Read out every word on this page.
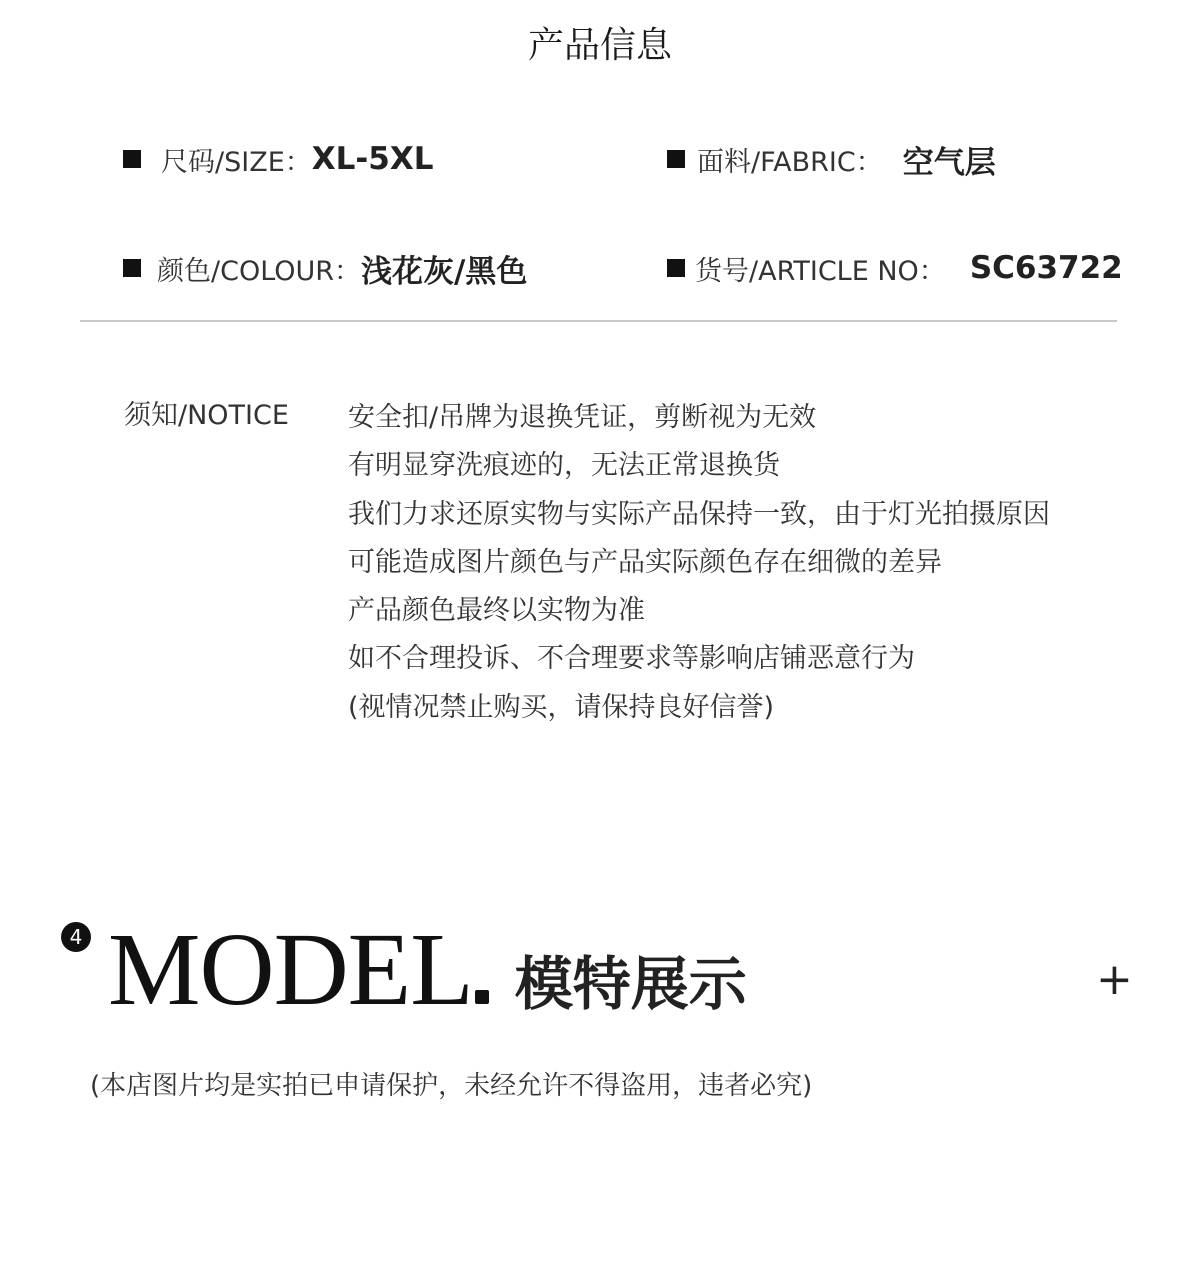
产品信息
尺码/SIZE： XL-5XL	面料/FABRIC： 空气层
颜色/COLOUR： 浅花灰/黑色	货号/ARTICLE NO： SC63722
须知/NOTICE 安全扣/吊牌为退换凭证，剪断视为无效
有明显穿洗痕迹的，无法正常退换货
我们力求还原实物与实际产品保持一致，由于灯光拍摄原因
可能造成图片颜色与产品实际颜色存在细微的差异
产品颜色最终以实物为准
如不合理投诉、不合理要求等影响店铺恶意行为
(视情况禁止购买，请保持良好信誉)
4 MODEL 模特展示	+
(本店图片均是实拍已申请保护，未经允许不得盗用，违者必究)
